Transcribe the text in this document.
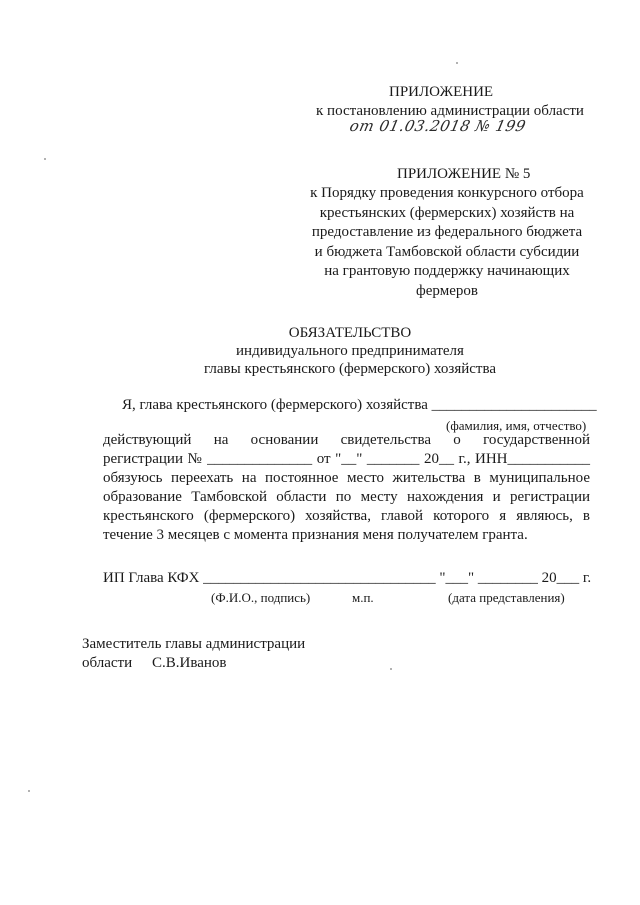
ПРИЛОЖЕНИЕ
к постановлению администрации области
от 01.03.2018 № 199
ПРИЛОЖЕНИЕ № 5
к Порядку проведения конкурсного отбора
крестьянских (фермерских) хозяйств на
предоставление из федерального бюджета
и бюджета Тамбовской области субсидии
на грантовую поддержку начинающих
фермеров
ОБЯЗАТЕЛЬСТВО
индивидуального предпринимателя
главы крестьянского (фермерского) хозяйства
Я, глава крестьянского (фермерского) хозяйства ______________________
(фамилия, имя, отчество)
действующий на основании свидетельства о государственной
регистрации № ______________ от "__" _______ 20__ г., ИНН___________
обязуюсь переехать на постоянное место жительства в муниципальное
образование Тамбовской области по месту нахождения и регистрации
крестьянского (фермерского) хозяйства, главой которого я являюсь, в
течение 3 месяцев с момента признания меня получателем гранта.
ИП Глава КФХ _______________________________ "___" ________ 20___ г.
(Ф.И.О., подпись)	м.п.	(дата представления)
Заместитель главы администрации
области С.В.Иванов
